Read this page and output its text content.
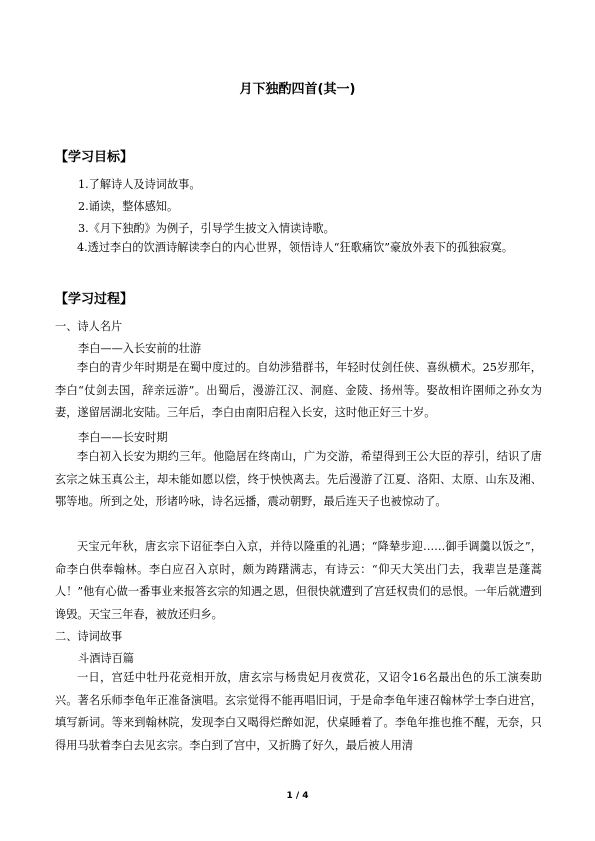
月下独酌四首(其一)
【学习目标】
1.了解诗人及诗词故事。
2.诵读，整体感知。
3.《月下独酌》为例子，引导学生披文入情读诗歌。
4.透过李白的饮酒诗解读李白的内心世界，领悟诗人“狂歌痛饮”豪放外表下的孤独寂寞。
【学习过程】
一、诗人名片
李白——入长安前的壮游
李白的青少年时期是在蜀中度过的。自幼涉猎群书，年轻时仗剑任侠、喜纵横术。25岁那年，李白“仗剑去国，辞亲远游”。出蜀后，漫游江汉、洞庭、金陵、扬州等。娶故相许圉师之孙女为妻，遂留居湖北安陆。三年后，李白由南阳启程入长安，这时他正好三十岁。
李白——长安时期
李白初入长安为期约三年。他隐居在终南山，广为交游，希望得到王公大臣的荐引，结识了唐玄宗之妹玉真公主，却未能如愿以偿，终于怏怏离去。先后漫游了江夏、洛阳、太原、山东及湘、鄂等地。所到之处，形诸吟咏，诗名远播，震动朝野，最后连天子也被惊动了。
天宝元年秋，唐玄宗下诏征李白入京，并待以隆重的礼遇；“降辇步迎……御手调羹以饭之”，命李白供奉翰林。李白应召入京时，颇为踌躇满志，有诗云：“仰天大笑出门去，我辈岂是蓬蒿人！”他有心做一番事业来报答玄宗的知遇之恩，但很快就遭到了宫廷权贵们的忌恨。一年后就遭到谗毁。天宝三年春，被放还归乡。
二、诗词故事
斗酒诗百篇
一日，宫廷中牡丹花竞相开放，唐玄宗与杨贵妃月夜赏花，又诏令16名最出色的乐工演奏助兴。著名乐师李龟年正准备演唱。玄宗觉得不能再唱旧词，于是命李龟年速召翰林学士李白进宫，填写新词。等来到翰林院，发现李白又喝得烂醉如泥，伏桌睡着了。李龟年推也推不醒，无奈，只得用马驮着李白去见玄宗。李白到了宫中，又折腾了好久，最后被人用清
1 / 4
